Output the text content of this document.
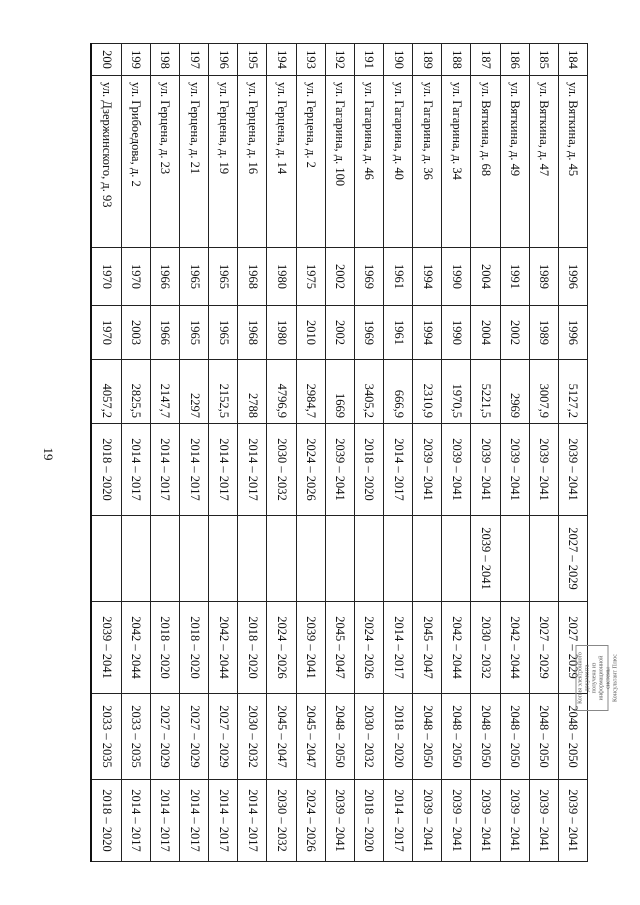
19
184	ул. Вяткина, д. 45	1996	1996	5127,2	2039 – 2041	2027 – 2029	2027 – 2029	2048 – 2050	2039 – 2041
185	ул. Вяткина, д. 47	1989	1989	3007,9	2039 – 2041		2027 – 2029	2048 – 2050	2039 – 2041
186	ул. Вяткина, д. 49	1991	2002	2969	2039 – 2041		2042 – 2044	2048 – 2050	2039 – 2041
187	ул. Вяткина, д. 68	2004	2004	5221,5	2039 – 2041	2039 – 2041	2030 – 2032	2048 – 2050	2039 – 2041
188	ул. Гагарина, д. 34	1990	1990	1970,5	2039 – 2041		2042 – 2044	2048 – 2050	2039 – 2041
189	ул. Гагарина, д. 36	1994	1994	2310,9	2039 – 2041		2045 – 2047	2048 – 2050	2039 – 2041
190	ул. Гагарина, д. 40	1961	1961	666,9	2014 – 2017		2014 – 2017	2018 – 2020	2014 – 2017
191	ул. Гагарина, д. 46	1969	1969	3405,2	2018 – 2020		2024 – 2026	2030 – 2032	2018 – 2020
192	ул. Гагарина, д. 100	2002	2002	1669	2039 – 2041		2045 – 2047	2048 – 2050	2039 – 2041
193	ул. Герцена, д. 2	1975	2010	2984,7	2024 – 2026		2039 – 2041	2045 – 2047	2024 – 2026
194	ул. Герцена, д. 14	1980	1980	4796,9	2030 – 2032		2024 – 2026	2045 – 2047	2030 – 2032
195	ул. Герцена, д. 16	1968	1968	2788	2014 – 2017		2018 – 2020	2030 – 2032	2014 – 2017
196	ул. Герцена, д. 19	1965	1965	2152,5	2014 – 2017		2042 – 2044	2027 – 2029	2014 – 2017
197	ул. Герцена, д. 21	1965	1965	2297	2014 – 2017		2018 – 2020	2027 – 2029	2014 – 2017
198	ул. Герцена, д. 23	1966	1966	2147,7	2014 – 2017		2018 – 2020	2027 – 2029	2014 – 2017
199	ул. Грибоедова, д. 2	1970	2003	2825,5	2014 – 2017		2042 – 2044	2033 – 2035	2014 – 2017
200	ул. Дзержинского, д. 93	1970	1970	4057,2	2018 – 2020		2039 – 2041	2033 – 2035	2018 – 2020
Копия электронного документа получена из информационной системы Консультант Плюс
